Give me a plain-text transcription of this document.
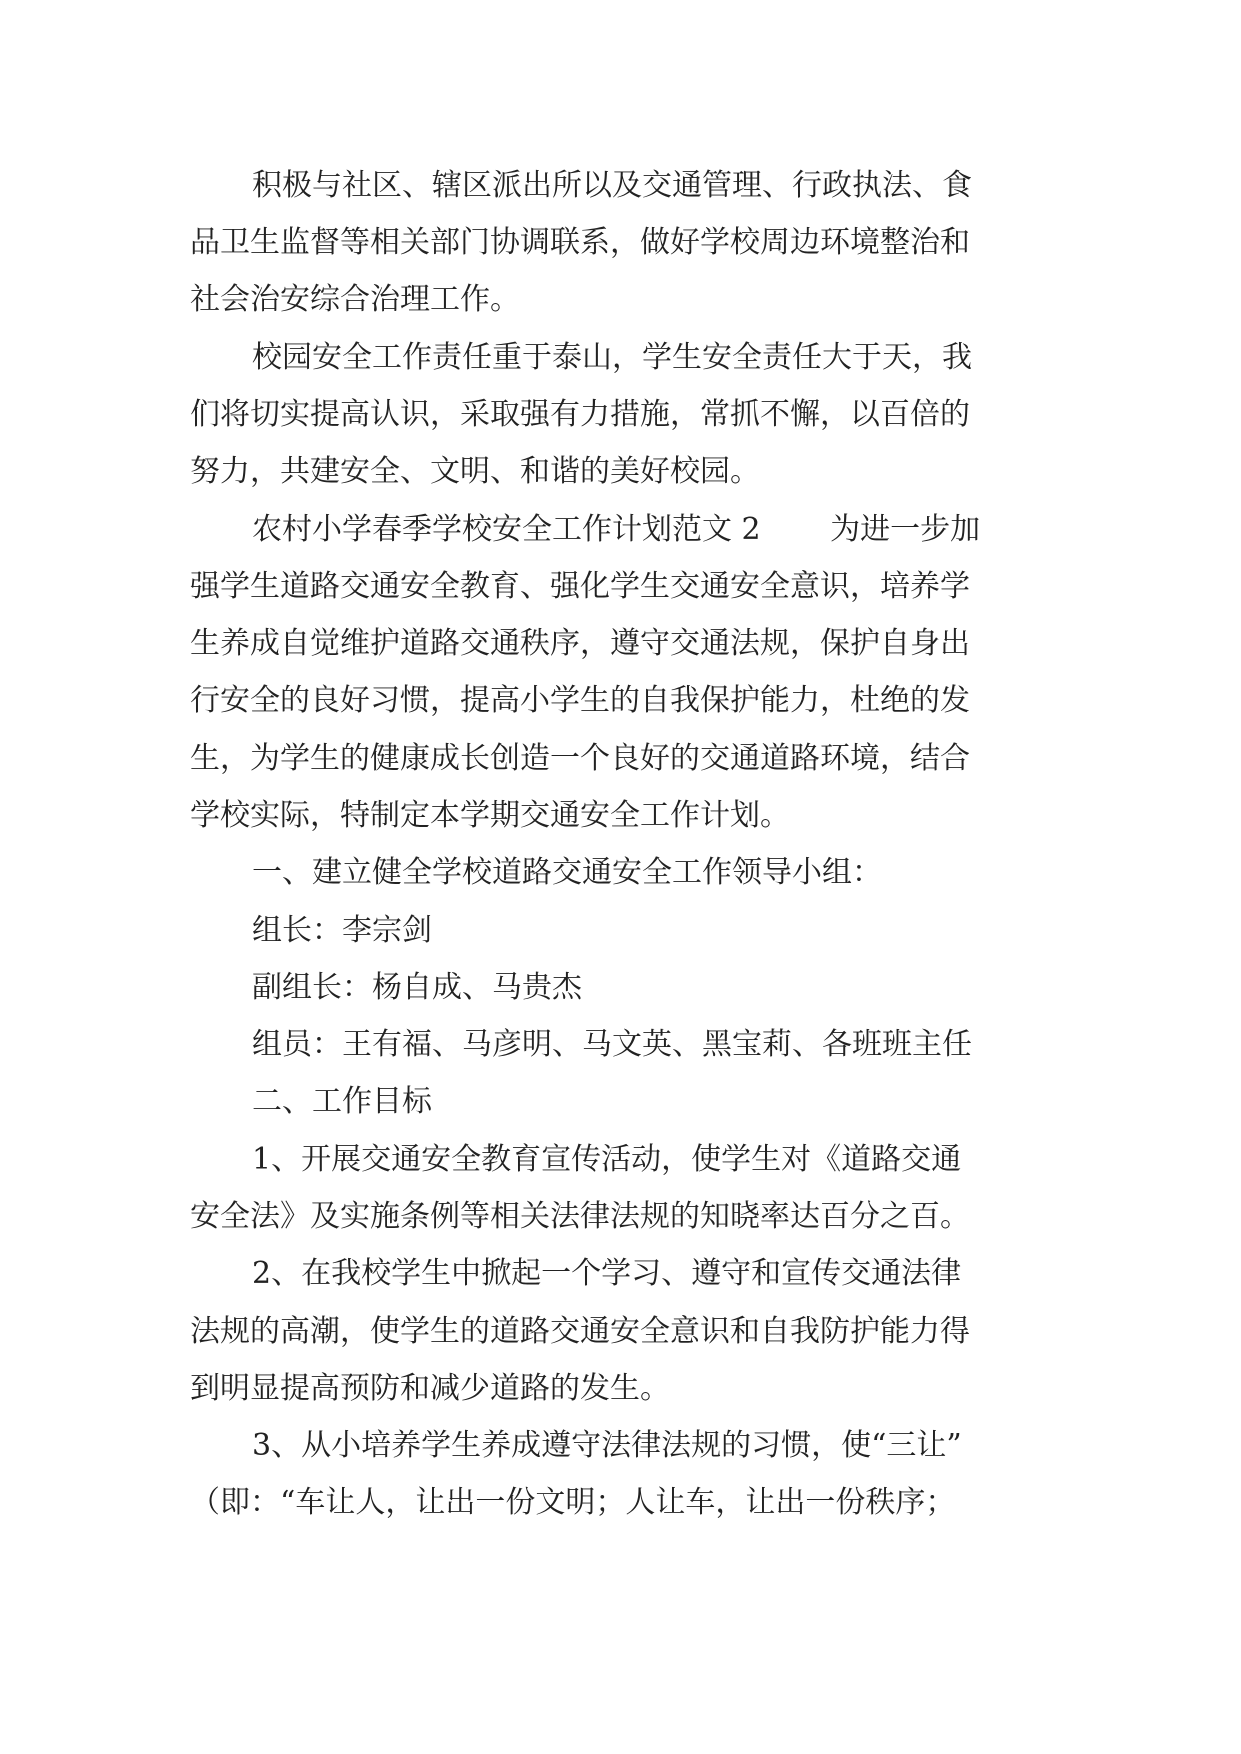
积极与社区、辖区派出所以及交通管理、行政执法、食
品卫生监督等相关部门协调联系，做好学校周边环境整治和
社会治安综合治理工作。
校园安全工作责任重于泰山，学生安全责任大于天，我
们将切实提高认识，采取强有力措施，常抓不懈，以百倍的
努力，共建安全、文明、和谐的美好校园。
农村小学春季学校安全工作计划范文 2 　　为进一步加
强学生道路交通安全教育、强化学生交通安全意识，培养学
生养成自觉维护道路交通秩序，遵守交通法规，保护自身出
行安全的良好习惯，提高小学生的自我保护能力，杜绝的发
生，为学生的健康成长创造一个良好的交通道路环境，结合
学校实际，特制定本学期交通安全工作计划。
一、建立健全学校道路交通安全工作领导小组：
组长：李宗剑
副组长：杨自成、马贵杰
组员：王有福、马彦明、马文英、黑宝莉、各班班主任
二、工作目标
1、开展交通安全教育宣传活动，使学生对《道路交通
安全法》及实施条例等相关法律法规的知晓率达百分之百。
2、在我校学生中掀起一个学习、遵守和宣传交通法律
法规的高潮，使学生的道路交通安全意识和自我防护能力得
到明显提高预防和减少道路的发生。
3、从小培养学生养成遵守法律法规的习惯，使“三让”
（即：“车让人，让出一份文明；人让车，让出一份秩序；
